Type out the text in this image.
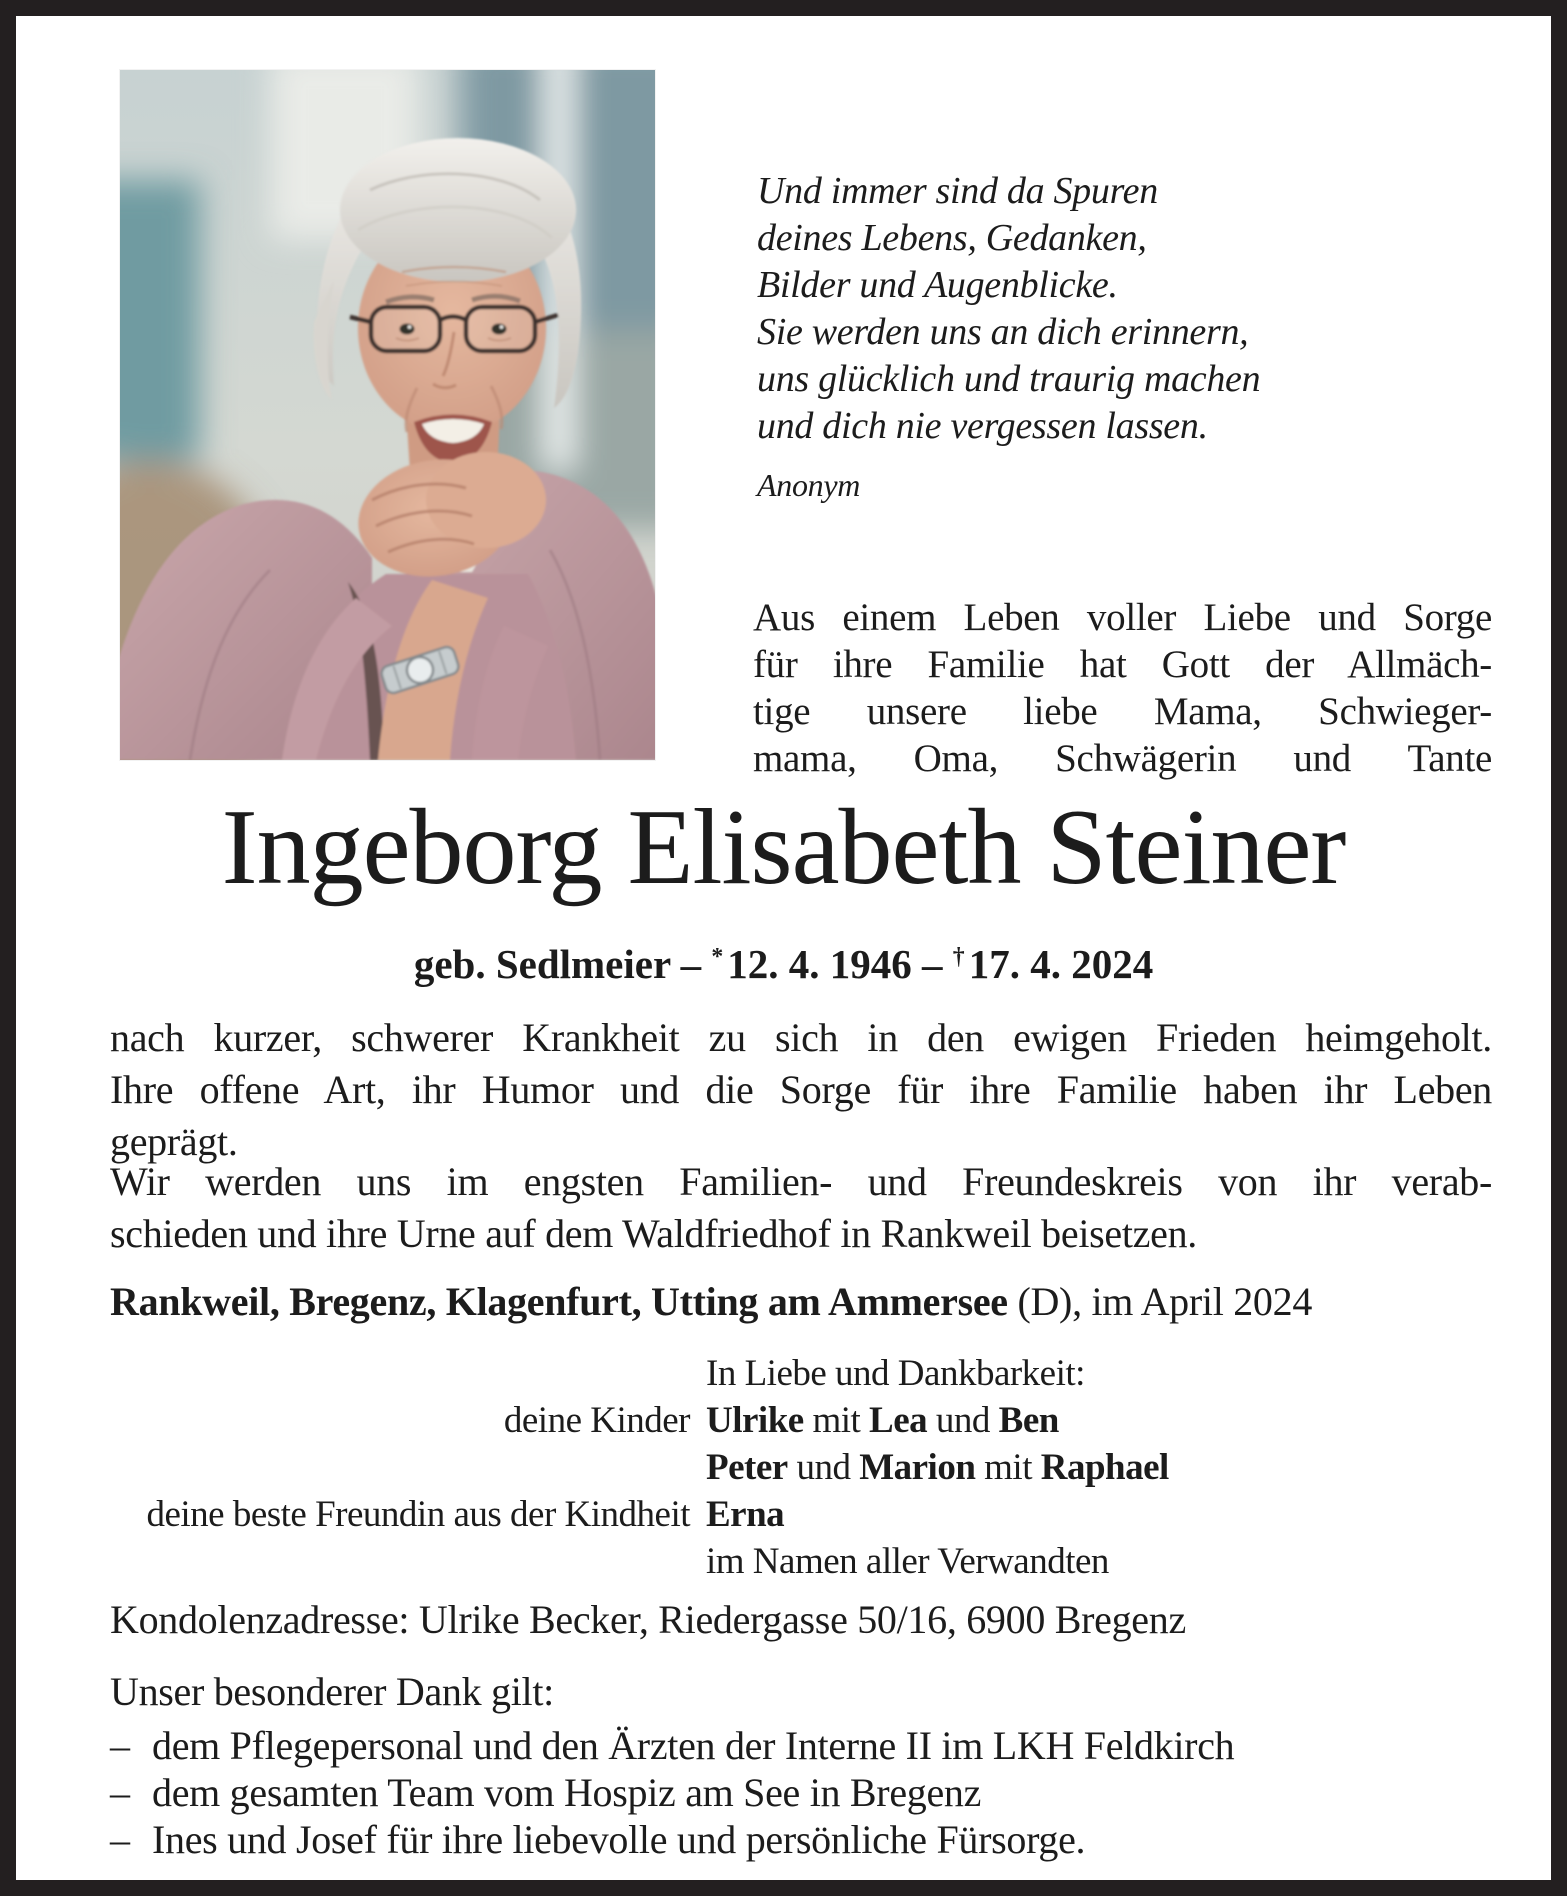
Und immer sind da Spuren
deines Lebens, Gedanken,
Bilder und Augenblicke.
Sie werden uns an dich erinnern,
uns glücklich und traurig machen
und dich nie vergessen lassen.
Anonym
Aus einem Leben voller Liebe und Sorge
für ihre Familie hat Gott der Allmäch-
tige unsere liebe Mama, Schwieger-
mama, Oma, Schwägerin und Tante
Ingeborg Elisabeth Steiner
geb. Sedlmeier – *12. 4. 1946 – †17. 4. 2024
nach kurzer, schwerer Krankheit zu sich in den ewigen Frieden heimgeholt.
Ihre offene Art, ihr Humor und die Sorge für ihre Familie haben ihr Leben
geprägt.
Wir werden uns im engsten Familien- und Freundeskreis von ihr verab-
schieden und ihre Urne auf dem Waldfriedhof in Rankweil beisetzen.
Rankweil, Bregenz, Klagenfurt, Utting am Ammersee (D), im April 2024
In Liebe und Dankbarkeit:
deine Kinder Ulrike mit Lea und Ben
Peter und Marion mit Raphael
deine beste Freundin aus der Kindheit Erna
im Namen aller Verwandten
Kondolenzadresse: Ulrike Becker, Riedergasse 50/16, 6900 Bregenz
Unser besonderer Dank gilt:
– dem Pflegepersonal und den Ärzten der Interne II im LKH Feldkirch
– dem gesamten Team vom Hospiz am See in Bregenz
– Ines und Josef für ihre liebevolle und persönliche Fürsorge.
